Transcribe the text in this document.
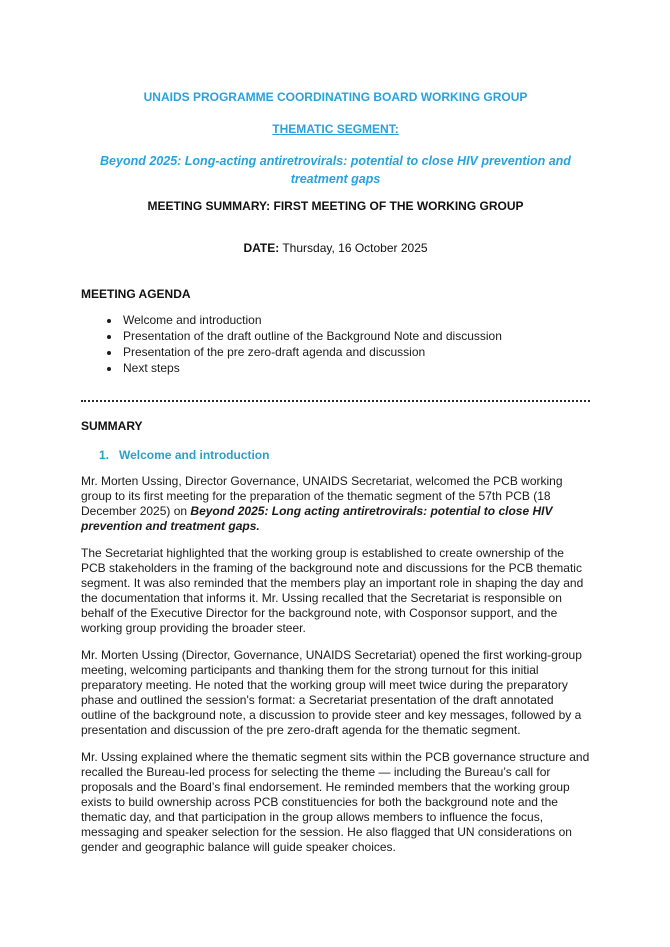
UNAIDS PROGRAMME COORDINATING BOARD WORKING GROUP

THEMATIC SEGMENT:

Beyond 2025: Long-acting antiretrovirals: potential to close HIV prevention and treatment gaps

MEETING SUMMARY: FIRST MEETING OF THE WORKING GROUP

DATE: Thursday, 16 October 2025

MEETING AGENDA

• Welcome and introduction
• Presentation of the draft outline of the Background Note and discussion
• Presentation of the pre zero-draft agenda and discussion
• Next steps

SUMMARY

1. Welcome and introduction

Mr. Morten Ussing, Director Governance, UNAIDS Secretariat, welcomed the PCB working group to its first meeting for the preparation of the thematic segment of the 57th PCB (18 December 2025) on Beyond 2025: Long acting antiretrovirals: potential to close HIV prevention and treatment gaps.

The Secretariat highlighted that the working group is established to create ownership of the PCB stakeholders in the framing of the background note and discussions for the PCB thematic segment. It was also reminded that the members play an important role in shaping the day and the documentation that informs it. Mr. Ussing recalled that the Secretariat is responsible on behalf of the Executive Director for the background note, with Cosponsor support, and the working group providing the broader steer.

Mr. Morten Ussing (Director, Governance, UNAIDS Secretariat) opened the first working-group meeting, welcoming participants and thanking them for the strong turnout for this initial preparatory meeting. He noted that the working group will meet twice during the preparatory phase and outlined the session's format: a Secretariat presentation of the draft annotated outline of the background note, a discussion to provide steer and key messages, followed by a presentation and discussion of the pre zero-draft agenda for the thematic segment.

Mr. Ussing explained where the thematic segment sits within the PCB governance structure and recalled the Bureau-led process for selecting the theme — including the Bureau’s call for proposals and the Board’s final endorsement. He reminded members that the working group exists to build ownership across PCB constituencies for both the background note and the thematic day, and that participation in the group allows members to influence the focus, messaging and speaker selection for the session. He also flagged that UN considerations on gender and geographic balance will guide speaker choices.
